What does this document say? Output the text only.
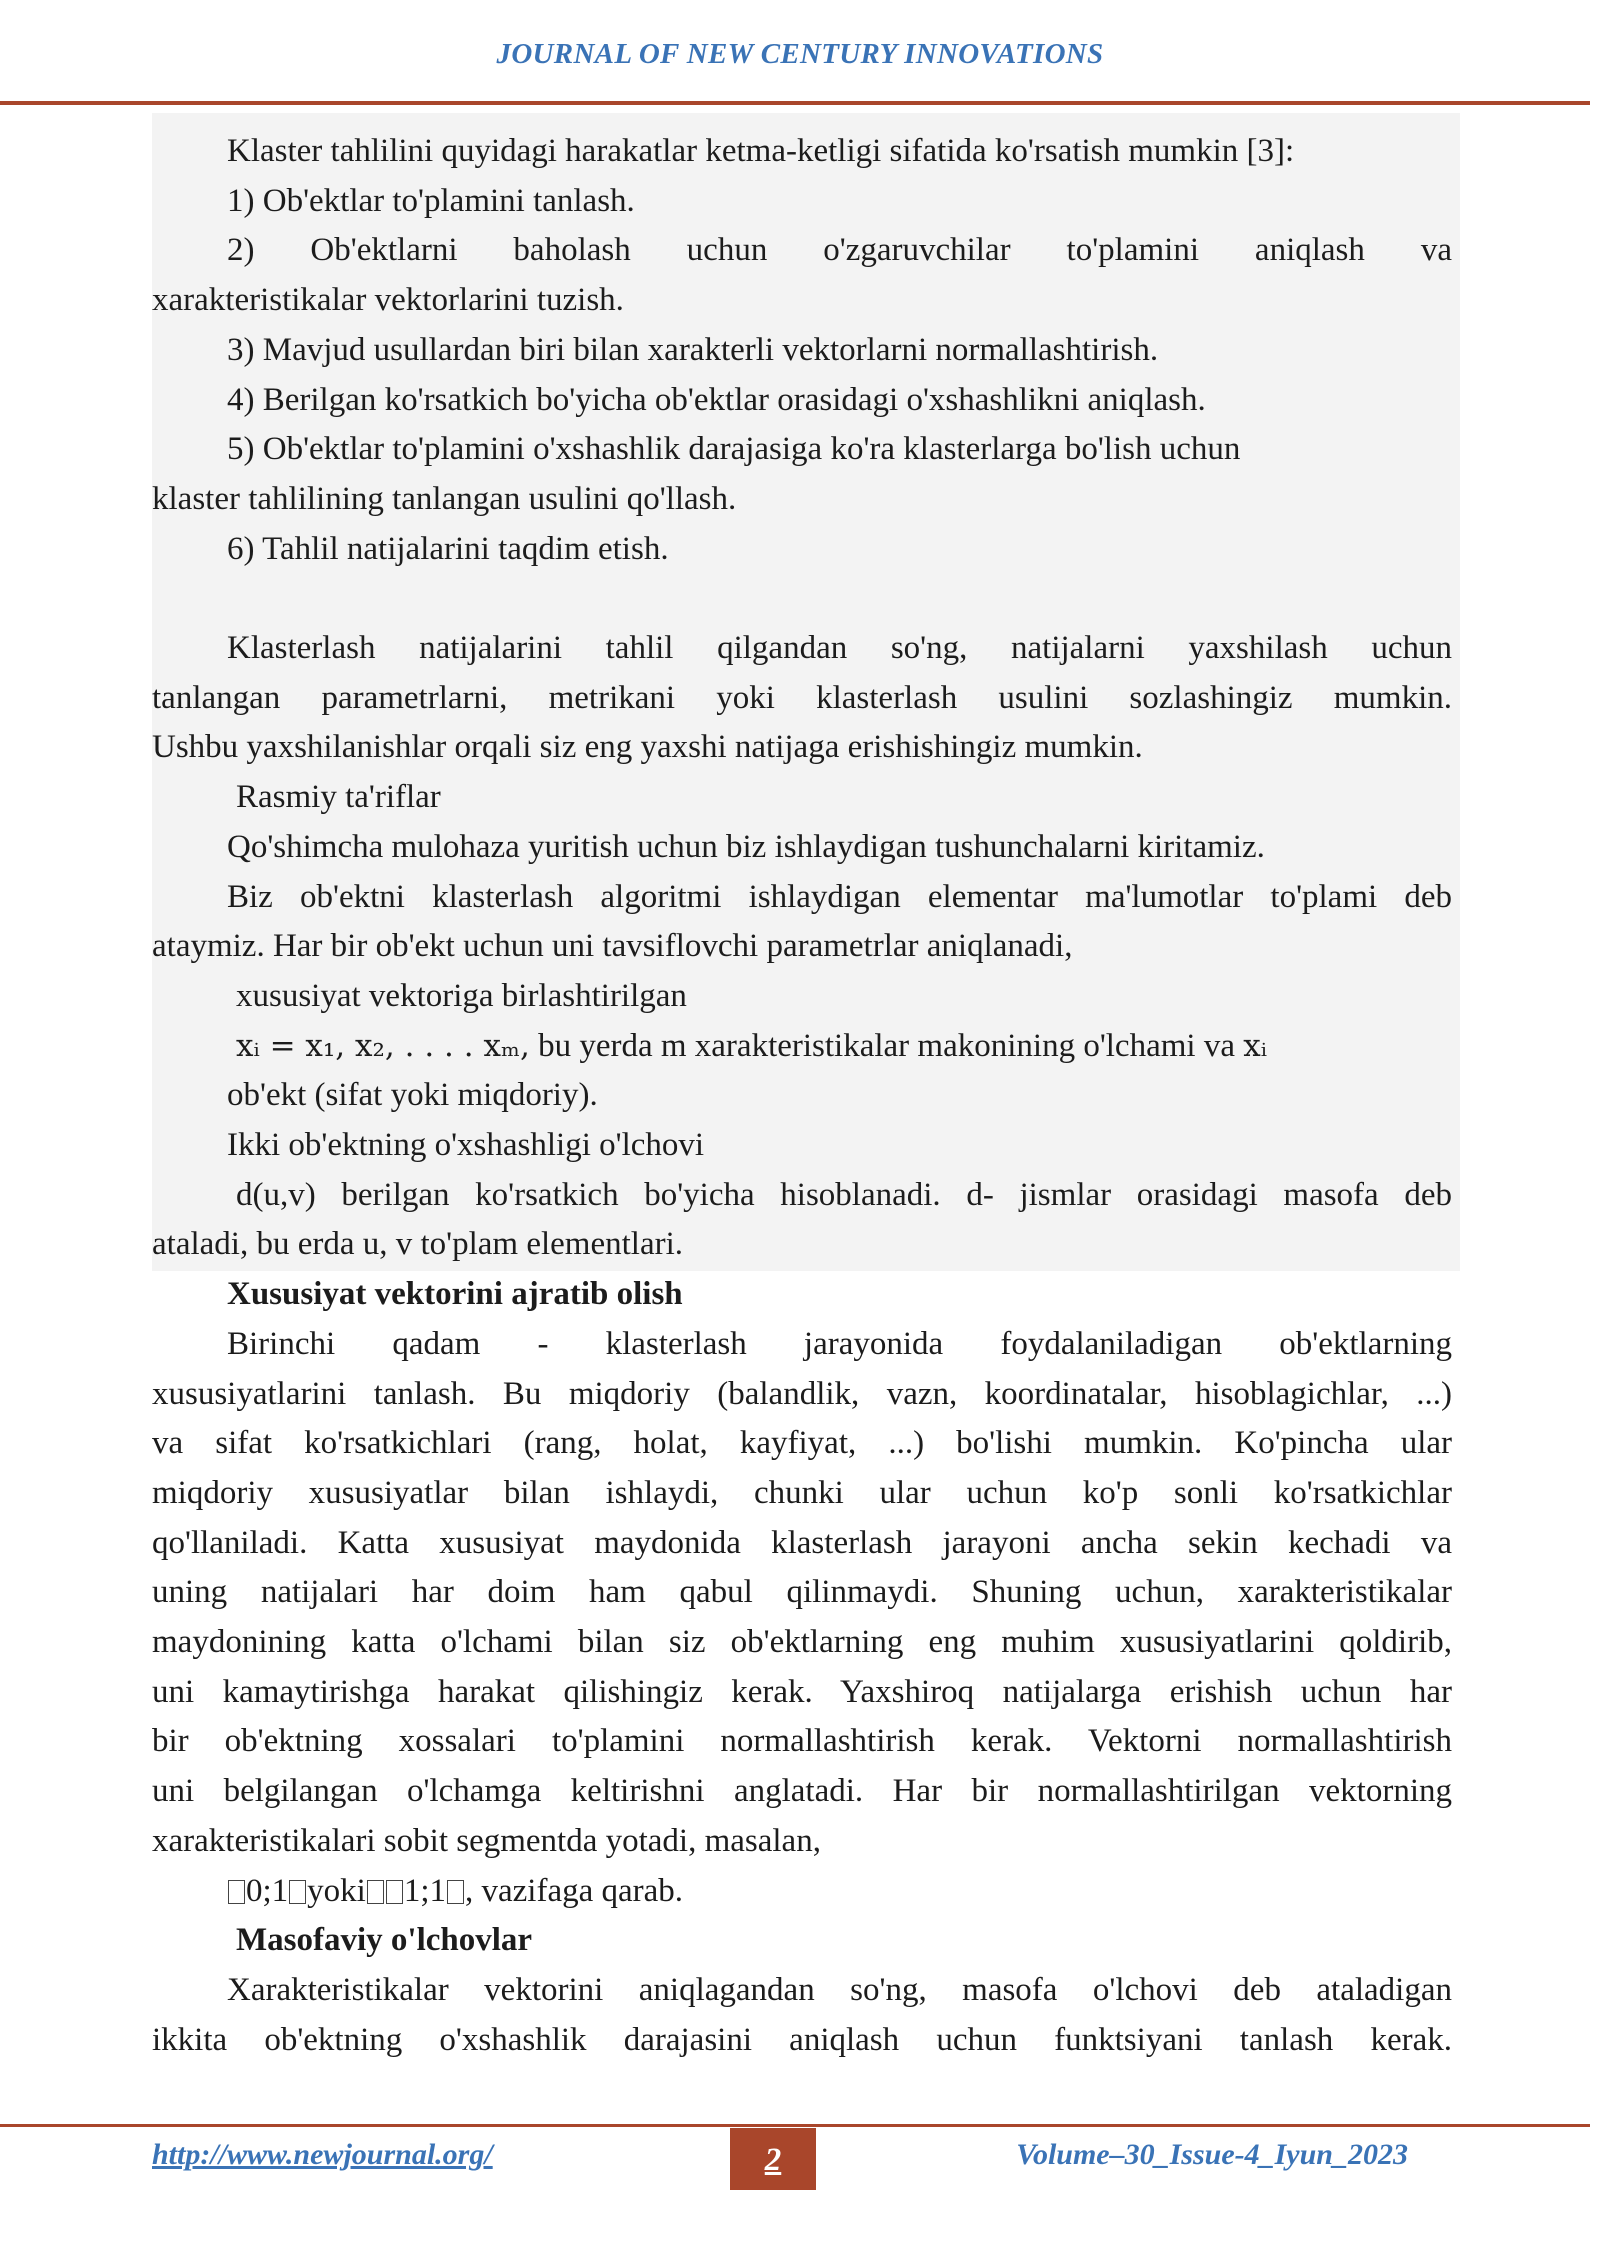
JOURNAL OF NEW CENTURY INNOVATIONS

Klaster tahlilini quyidagi harakatlar ketma-ketligi sifatida ko'rsatish mumkin [3]:

1) Ob'ektlar to'plamini tanlash.

2) Ob'ektlarni baholash uchun o'zgaruvchilar to'plamini aniqlash va

xarakteristikalar vektorlarini tuzish.

3) Mavjud usullardan biri bilan xarakterli vektorlarni normallashtirish.

4) Berilgan ko'rsatkich bo'yicha ob'ektlar orasidagi o'xshashlikni aniqlash.

5) Ob'ektlar to'plamini o'xshashlik darajasiga ko'ra klasterlarga bo'lish uchun

klaster tahlilining tanlangan usulini qo'llash.

6) Tahlil natijalarini taqdim etish.

Klasterlash natijalarini tahlil qilgandan so'ng, natijalarni yaxshilash uchun

tanlangan parametrlarni, metrikani yoki klasterlash usulini sozlashingiz mumkin.

Ushbu yaxshilanishlar orqali siz eng yaxshi natijaga erishishingiz mumkin.

Rasmiy ta'riflar

Qo'shimcha mulohaza yuritish uchun biz ishlaydigan tushunchalarni kiritamiz.

Biz ob'ektni klasterlash algoritmi ishlaydigan elementar ma'lumotlar to'plami deb

ataymiz. Har bir ob'ekt uchun uni tavsiflovchi parametrlar aniqlanadi,

xususiyat vektoriga birlashtirilgan

xᵢ = x₁, x₂, . . . . xₘ, bu yerda m xarakteristikalar makonining o'lchami va xᵢ

ob'ekt (sifat yoki miqdoriy).

Ikki ob'ektning o'xshashligi o'lchovi

d(u,v) berilgan ko'rsatkich bo'yicha hisoblanadi. d- jismlar orasidagi masofa deb

ataladi, bu erda u, v to'plam elementlari.

Xususiyat vektorini ajratib olish

Birinchi qadam - klasterlash jarayonida foydalaniladigan ob'ektlarning

xususiyatlarini tanlash. Bu miqdoriy (balandlik, vazn, koordinatalar, hisoblagichlar, ...)

va sifat ko'rsatkichlari (rang, holat, kayfiyat, ...) bo'lishi mumkin. Ko'pincha ular

miqdoriy xususiyatlar bilan ishlaydi, chunki ular uchun ko'p sonli ko'rsatkichlar

qo'llaniladi. Katta xususiyat maydonida klasterlash jarayoni ancha sekin kechadi va

uning natijalari har doim ham qabul qilinmaydi. Shuning uchun, xarakteristikalar

maydonining katta o'lchami bilan siz ob'ektlarning eng muhim xususiyatlarini qoldirib,

uni kamaytirishga harakat qilishingiz kerak. Yaxshiroq natijalarga erishish uchun har

bir ob'ektning xossalari to'plamini normallashtirish kerak. Vektorni normallashtirish

uni belgilangan o'lchamga keltirishni anglatadi. Har bir normallashtirilgan vektorning

xarakteristikalari sobit segmentda yotadi, masalan,

0;1 yoki 1;1 , vazifaga qarab.

Masofaviy o'lchovlar

Xarakteristikalar vektorini aniqlagandan so'ng, masofa o'lchovi deb ataladigan

ikkita ob'ektning o'xshashlik darajasini aniqlash uchun funktsiyani tanlash kerak.

http://www.newjournal.org/	2	Volume–30_Issue-4_Iyun_2023
